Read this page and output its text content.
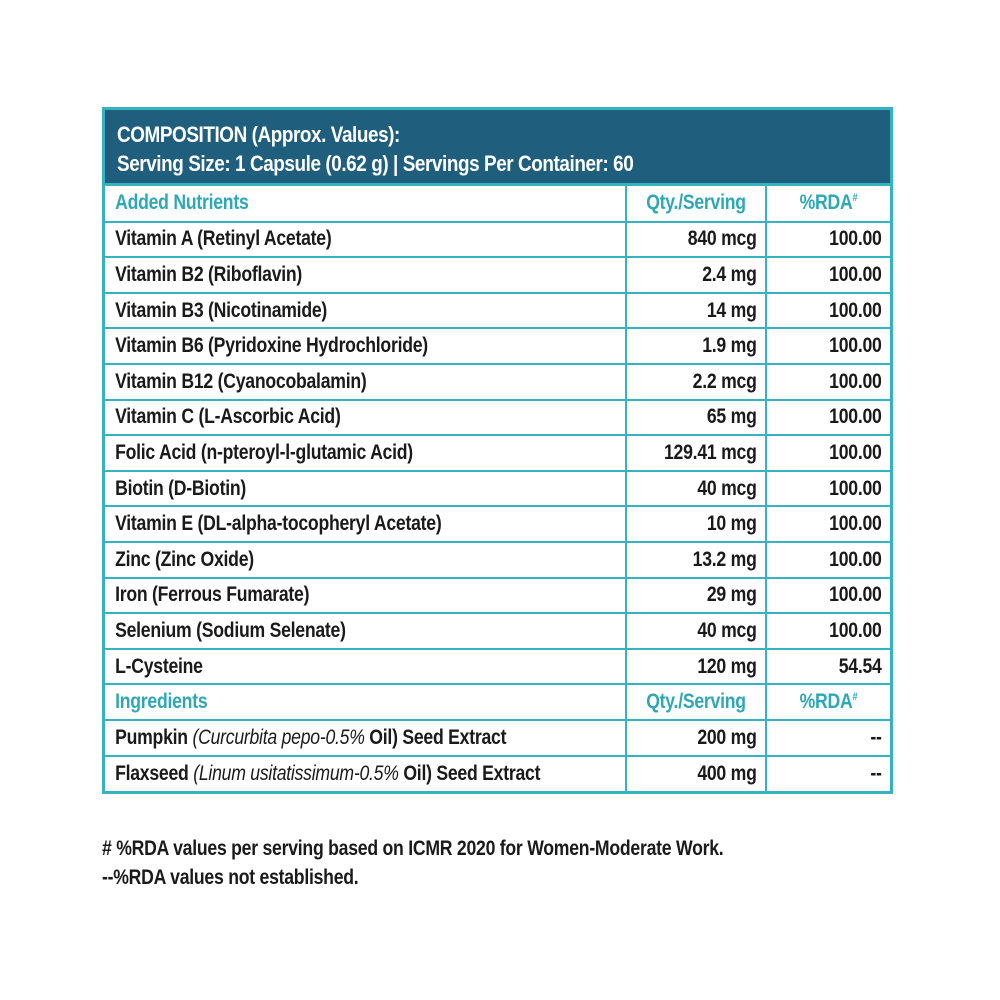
COMPOSITION (Approx. Values):
Serving Size: 1 Capsule (0.62 g) | Servings Per Container: 60
Added Nutrients	Qty./Serving	%RDA#

Vitamin A (Retinyl Acetate)	840 mcg	100.00

Vitamin B2 (Riboflavin)	2.4 mg	100.00

Vitamin B3 (Nicotinamide)	14 mg	100.00

Vitamin B6 (Pyridoxine Hydrochloride)	1.9 mg	100.00

Vitamin B12 (Cyanocobalamin)	2.2 mcg	100.00

Vitamin C (L-Ascorbic Acid)	65 mg	100.00

Folic Acid (n-pteroyl-l-glutamic Acid)	129.41 mcg	100.00

Biotin (D-Biotin)	40 mcg	100.00

Vitamin E (DL-alpha-tocopheryl Acetate)	10 mg	100.00

Zinc (Zinc Oxide)	13.2 mg	100.00

Iron (Ferrous Fumarate)	29 mg	100.00

Selenium (Sodium Selenate)	40 mcg	100.00

L-Cysteine	120 mg	54.54

Ingredients	Qty./Serving	%RDA#

Pumpkin (Curcurbita pepo-0.5% Oil) Seed Extract	200 mg	--

Flaxseed (Linum usitatissimum-0.5% Oil) Seed Extract	400 mg	--
# %RDA values per serving based on ICMR 2020 for Women-Moderate Work.
--%RDA values not established.
